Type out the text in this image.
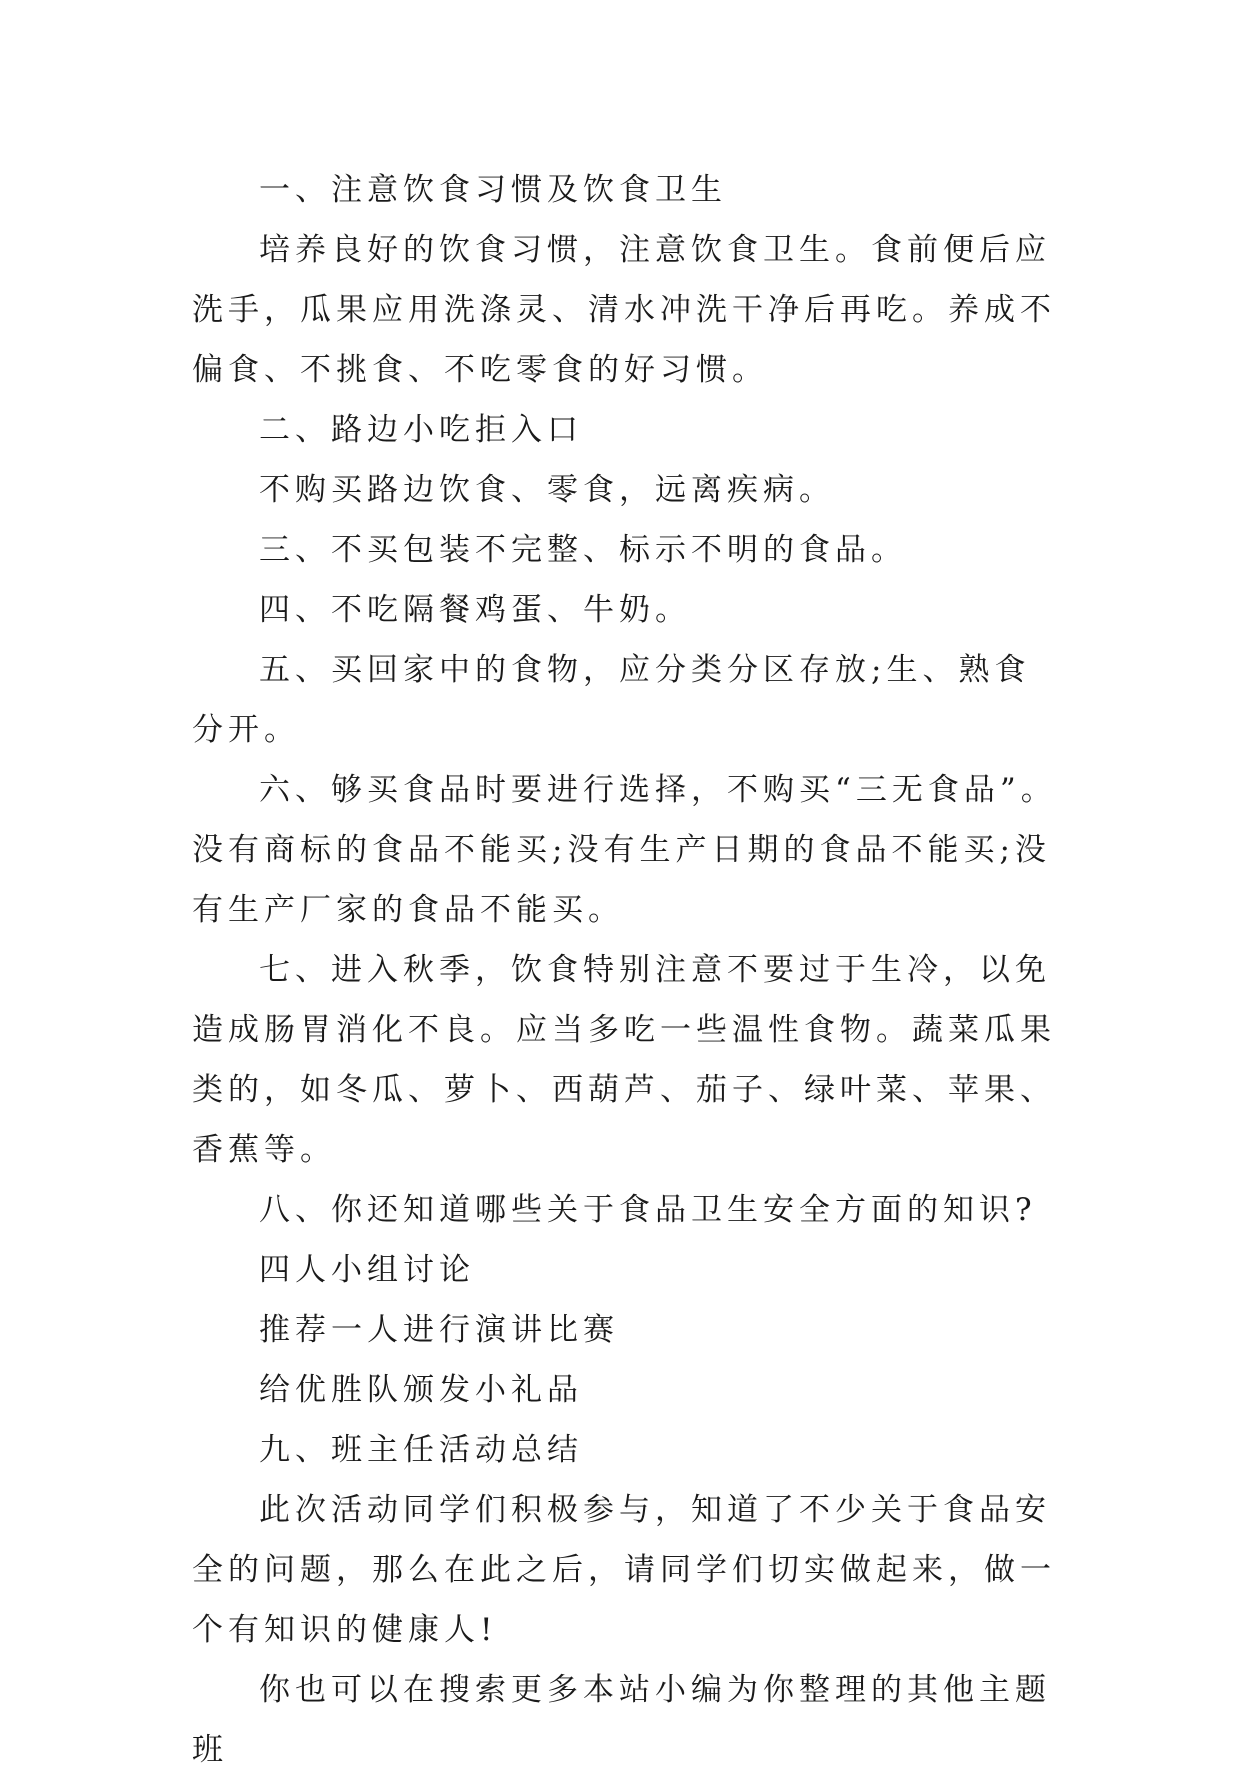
一、注意饮食习惯及饮食卫生

培养良好的饮食习惯，注意饮食卫生。食前便后应洗手，瓜果应用洗涤灵、清水冲洗干净后再吃。养成不偏食、不挑食、不吃零食的好习惯。

二、路边小吃拒入口

不购买路边饮食、零食，远离疾病。

三、不买包装不完整、标示不明的食品。

四、不吃隔餐鸡蛋、牛奶。

五、买回家中的食物，应分类分区存放;生、熟食分开。

六、够买食品时要进行选择，不购买“三无食品”。没有商标的食品不能买;没有生产日期的食品不能买;没有生产厂家的食品不能买。

七、进入秋季，饮食特别注意不要过于生冷，以免造成肠胃消化不良。应当多吃一些温性食物。蔬菜瓜果类的，如冬瓜、萝卜、西葫芦、茄子、绿叶菜、苹果、香蕉等。

八、你还知道哪些关于食品卫生安全方面的知识?

四人小组讨论

推荐一人进行演讲比赛

给优胜队颁发小礼品

九、班主任活动总结

此次活动同学们积极参与，知道了不少关于食品安全的问题，那么在此之后，请同学们切实做起来，做一个有知识的健康人!

你也可以在搜索更多本站小编为你整理的其他主题班
